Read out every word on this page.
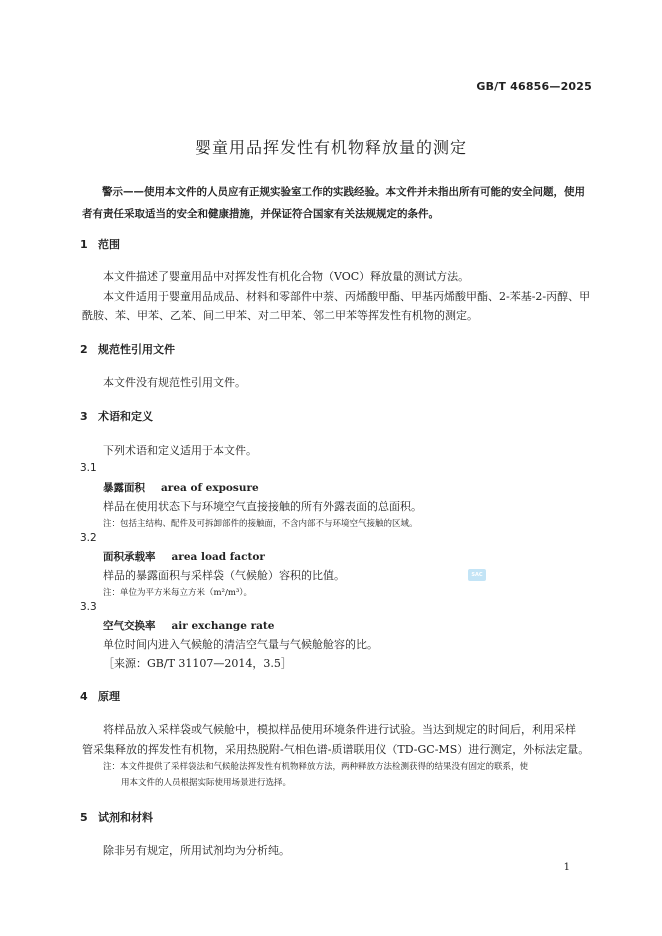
GB/T 46856—2025
婴童用品挥发性有机物释放量的测定
警示——使用本文件的人员应有正规实验室工作的实践经验。本文件并未指出所有可能的安全问题，使用者有责任采取适当的安全和健康措施，并保证符合国家有关法规规定的条件。
1 范围
本文件描述了婴童用品中对挥发性有机化合物（VOC）释放量的测试方法。
本文件适用于婴童用品成品、材料和零部件中萘、丙烯酸甲酯、甲基丙烯酸甲酯、2-苯基-2-丙醇、甲
酰胺、苯、甲苯、乙苯、间二甲苯、对二甲苯、邻二甲苯等挥发性有机物的测定。
2 规范性引用文件
本文件没有规范性引用文件。
3 术语和定义
下列术语和定义适用于本文件。
3.1
暴露面积 area of exposure
样品在使用状态下与环境空气直接接触的所有外露表面的总面积。
注：包括主结构、配件及可拆卸部件的接触面，不含内部不与环境空气接触的区域。
3.2
面积承载率 area load factor
样品的暴露面积与采样袋（气候舱）容积的比值。
注：单位为平方米每立方米（m²/m³）。
3.3
空气交换率 air exchange rate
单位时间内进入气候舱的清洁空气量与气候舱舱容的比。
［来源：GB/T 31107—2014，3.5］
4 原理
将样品放入采样袋或气候舱中，模拟样品使用环境条件进行试验。当达到规定的时间后，利用采样
管采集释放的挥发性有机物，采用热脱附-气相色谱-质谱联用仪（TD-GC-MS）进行测定，外标法定量。
注：本文件提供了采样袋法和气候舱法挥发性有机物释放方法，两种释放方法检测获得的结果没有固定的联系，使
用本文件的人员根据实际使用场景进行选择。
5 试剂和材料
除非另有规定，所用试剂均为分析纯。
SAC
1
